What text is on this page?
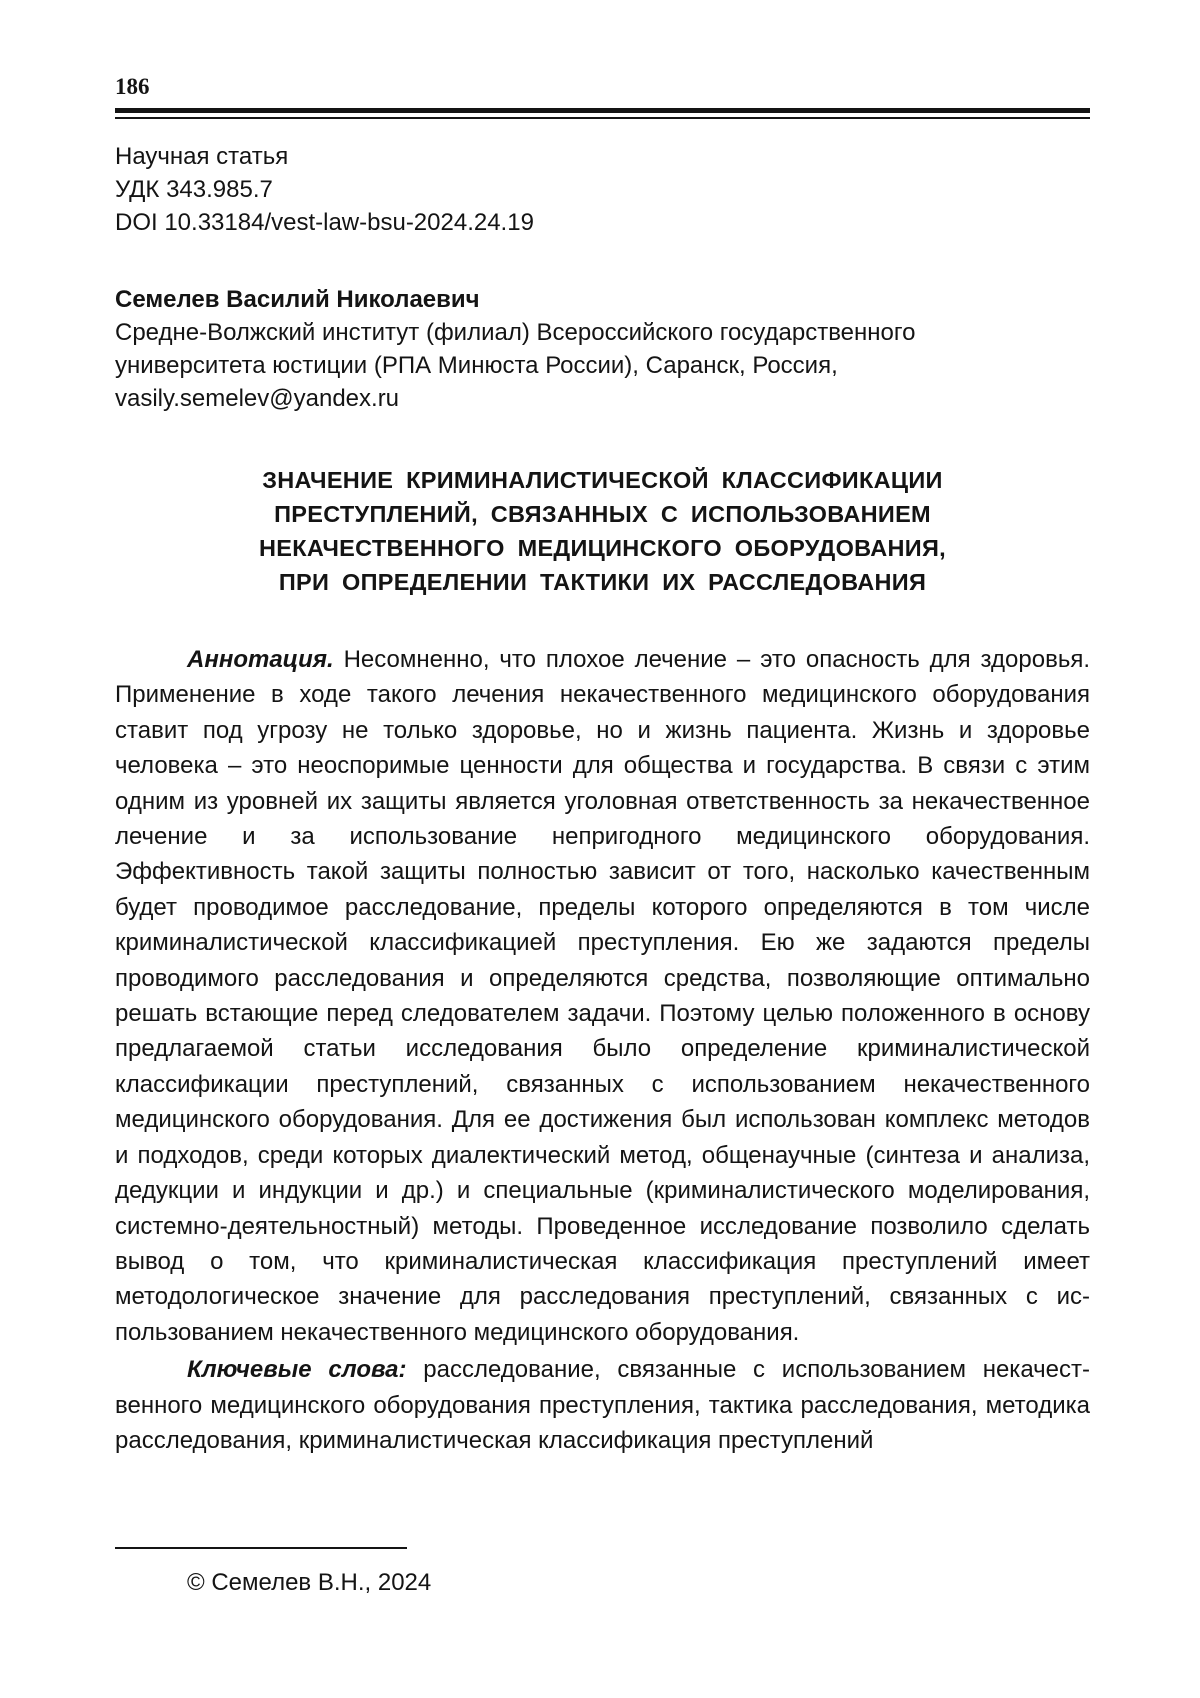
186
Научная статья
УДК 343.985.7
DOI 10.33184/vest-law-bsu-2024.24.19
Семелев Василий Николаевич
Средне-Волжский институт (филиал) Всероссийского государственного
университета юстиции (РПА Минюста России), Саранск, Россия,
vasily.semelev@yandex.ru
ЗНАЧЕНИЕ КРИМИНАЛИСТИЧЕСКОЙ КЛАССИФИКАЦИИ
ПРЕСТУПЛЕНИЙ, СВЯЗАННЫХ С ИСПОЛЬЗОВАНИЕМ
НЕКАЧЕСТВЕННОГО МЕДИЦИНСКОГО ОБОРУДОВАНИЯ,
ПРИ ОПРЕДЕЛЕНИИ ТАКТИКИ ИХ РАССЛЕДОВАНИЯ

Аннотация. Несомненно, что плохое лечение – это опасность для здоровья. Применение в ходе такого лечения некачественного медицинского оборудования ставит под угрозу не только здоровье, но и жизнь пациента. Жизнь и здоровье человека – это неоспоримые ценности для общества и государства. В связи с этим одним из уровней их защиты является уголовная ответственность за некачественное лечение и за использование непригодного медицинского оборудования. Эффективность такой защиты полностью зависит от того, насколько качественным будет проводимое расследование, пределы которого определяются в том числе криминалистической классификацией преступления. Ею же задаются пределы проводимого расследования и определяются средства, позволяющие оптимально решать встающие перед следователем задачи. Поэтому целью положенного в основу предлагаемой статьи исследования было определение криминалистической классификации преступлений, связанных с использованием некачественного медицинского оборудования. Для ее достижения был использован комплекс методов и подходов, среди которых диалектический метод, общенаучные (синтеза и анализа, дедукции и индукции и др.) и специальные (криминалистического моделирования, системно-деятельностный) методы. Проведенное исследование позволило сделать вывод о том, что криминалистическая классификация преступлений имеет методологическое значение для расследования преступлений, связанных с использованием некачественного медицинского оборудования.

Ключевые слова: расследование, связанные с использованием некачественного медицинского оборудования преступления, тактика расследования, методика расследования, криминалистическая классификация преступлений

© Семелев В.Н., 2024
